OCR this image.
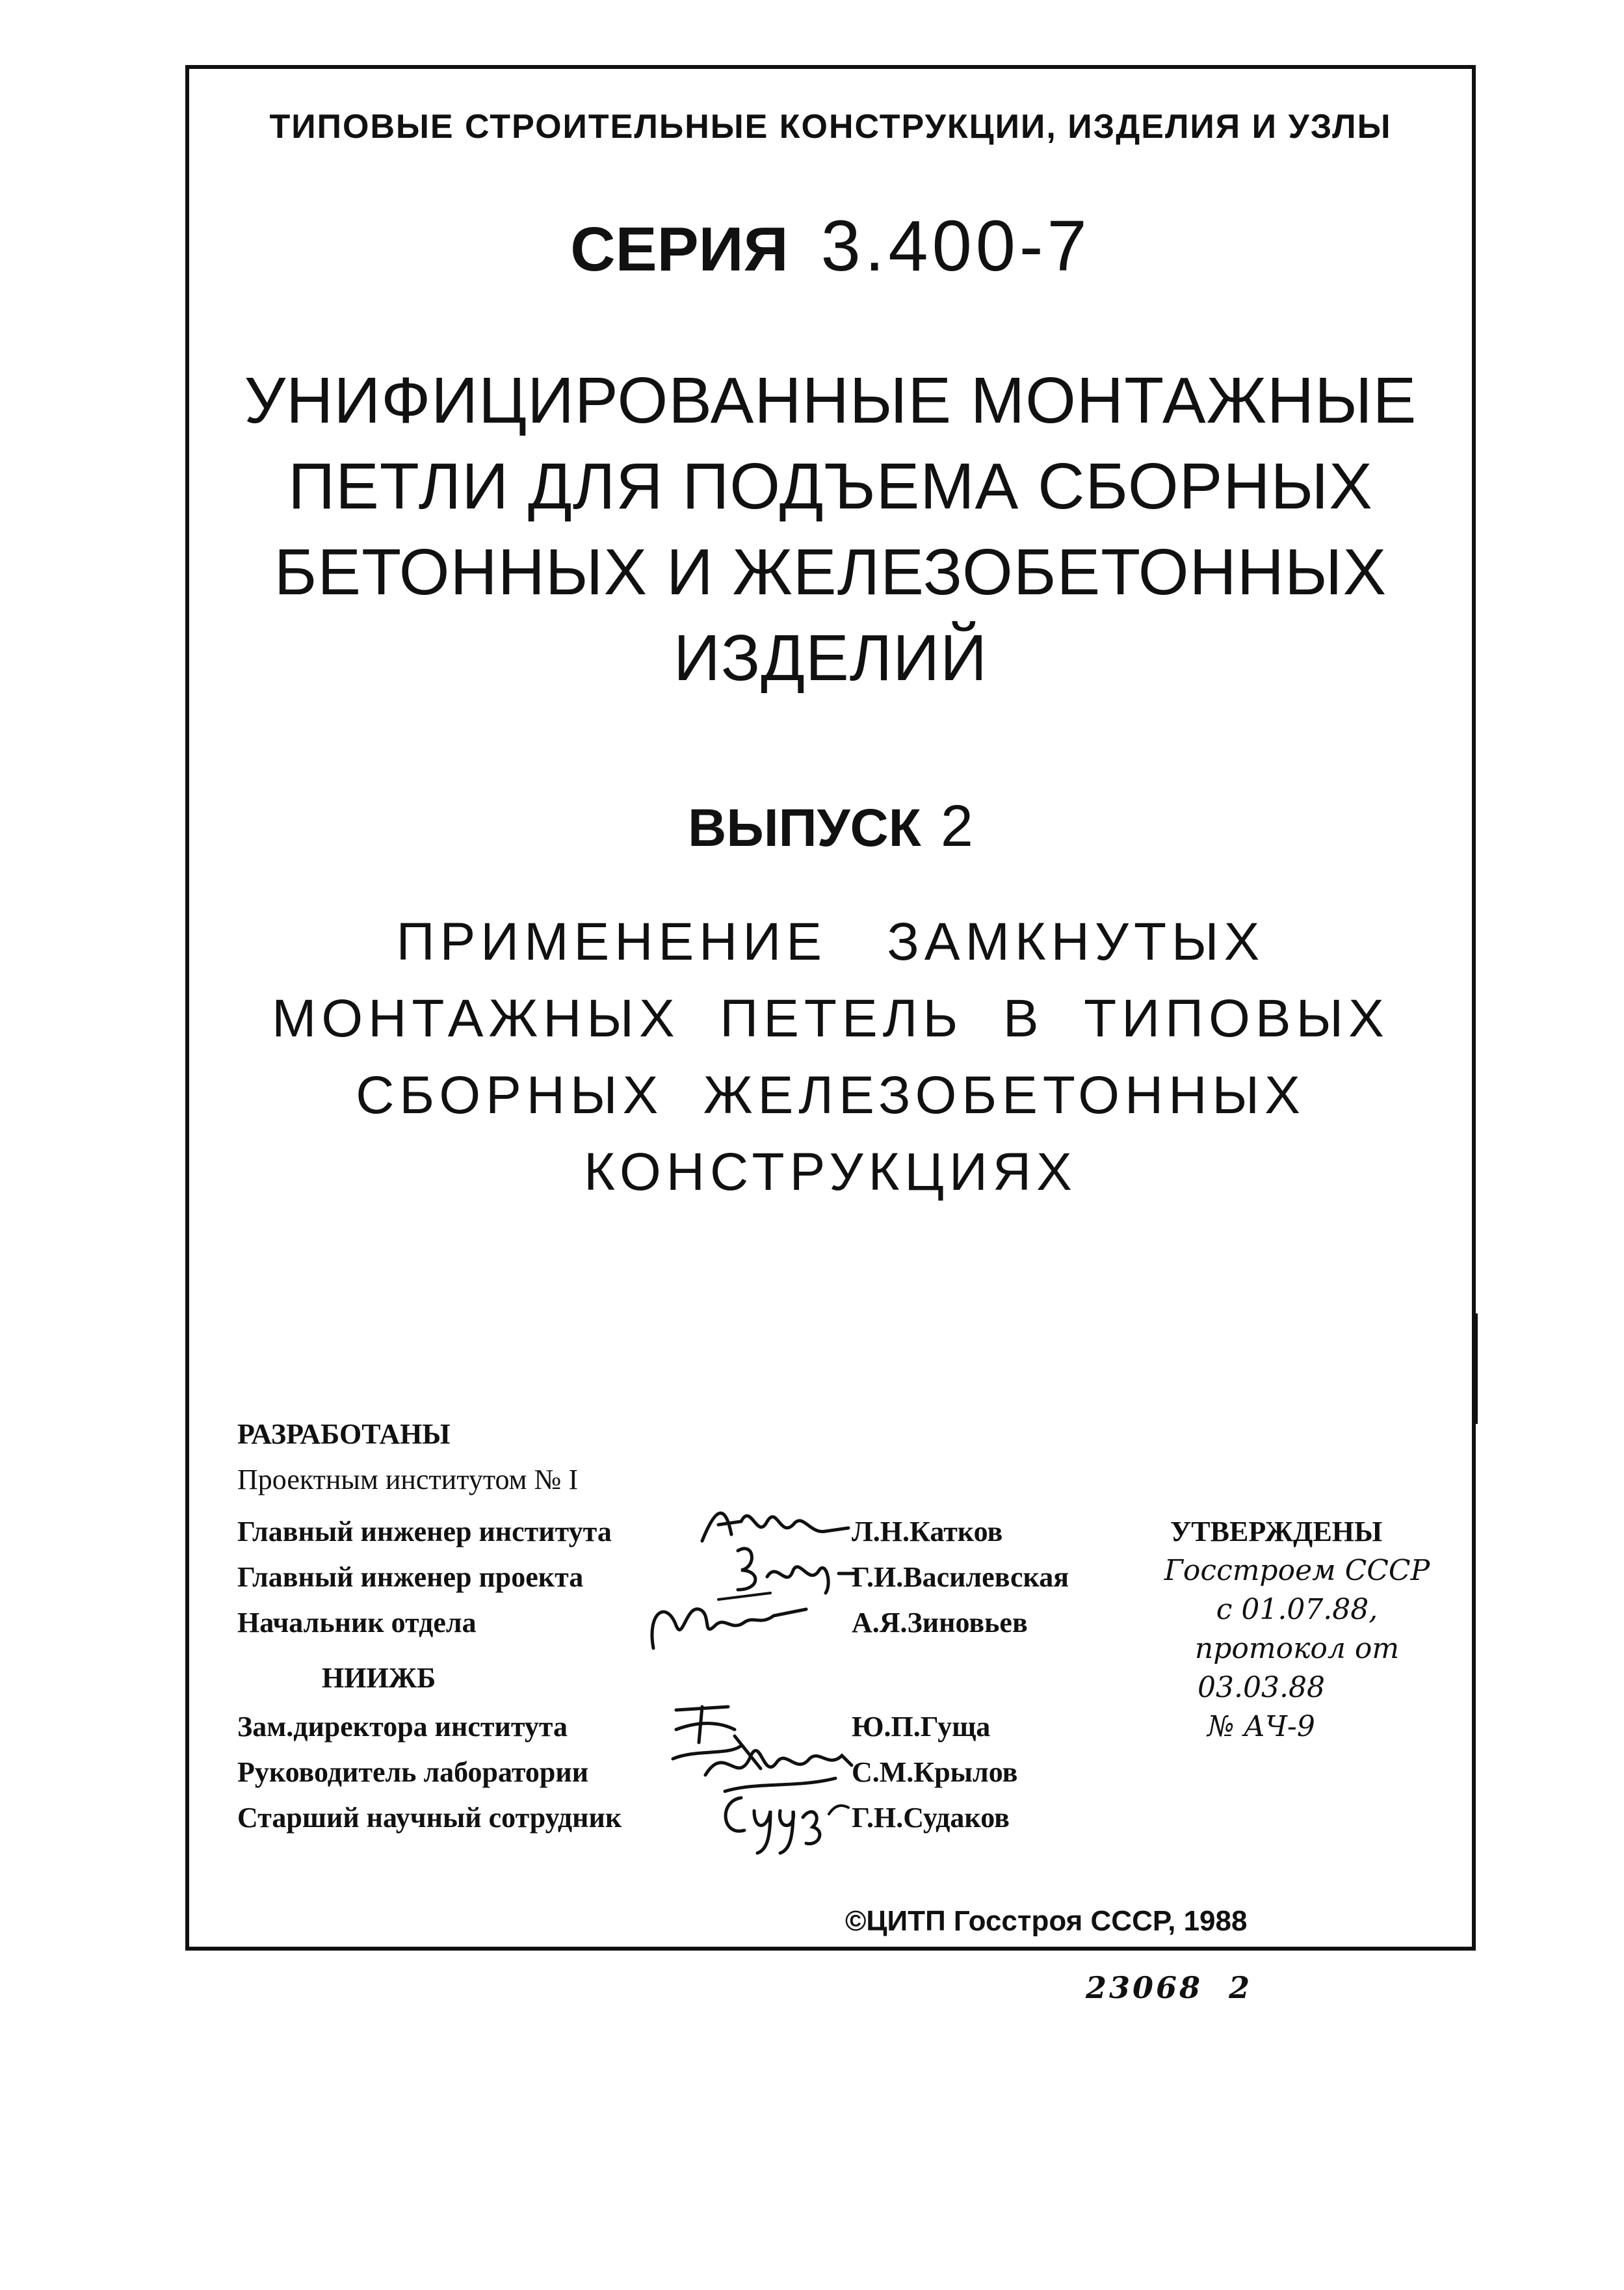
ТИПОВЫЕ СТРОИТЕЛЬНЫЕ КОНСТРУКЦИИ, ИЗДЕЛИЯ И УЗЛЫ
СЕРИЯ 3.400-7
УНИФИЦИРОВАННЫЕ МОНТАЖНЫЕ
ПЕТЛИ ДЛЯ ПОДЪЕМА СБОРНЫХ
БЕТОННЫХ И ЖЕЛЕЗОБЕТОННЫХ
ИЗДЕЛИЙ
ВЫПУСК 2
ПРИМЕНЕНИЕ   ЗАМКНУТЫХ
МОНТАЖНЫХ  ПЕТЕЛЬ  В  ТИПОВЫХ
СБОРНЫХ  ЖЕЛЕЗОБЕТОННЫХ
КОНСТРУКЦИЯХ
РАЗРАБОТАНЫ
Проектным институтом № I
Главный инженер института	Л.Н.Катков
Главный инженер проекта	Г.И.Василевская
Начальник отдела	А.Я.Зиновьев
НИИЖБ
Зам.директора института	Ю.П.Гуща
Руководитель лаборатории	С.М.Крылов
Старший научный сотрудник	Г.Н.Судаков
УТВЕРЖДЕНЫ
Госстроем СССР
с 01.07.88,
протокол от
03.03.88
№ АЧ-9
©ЦИТП Госстроя СССР, 1988
23068  2
